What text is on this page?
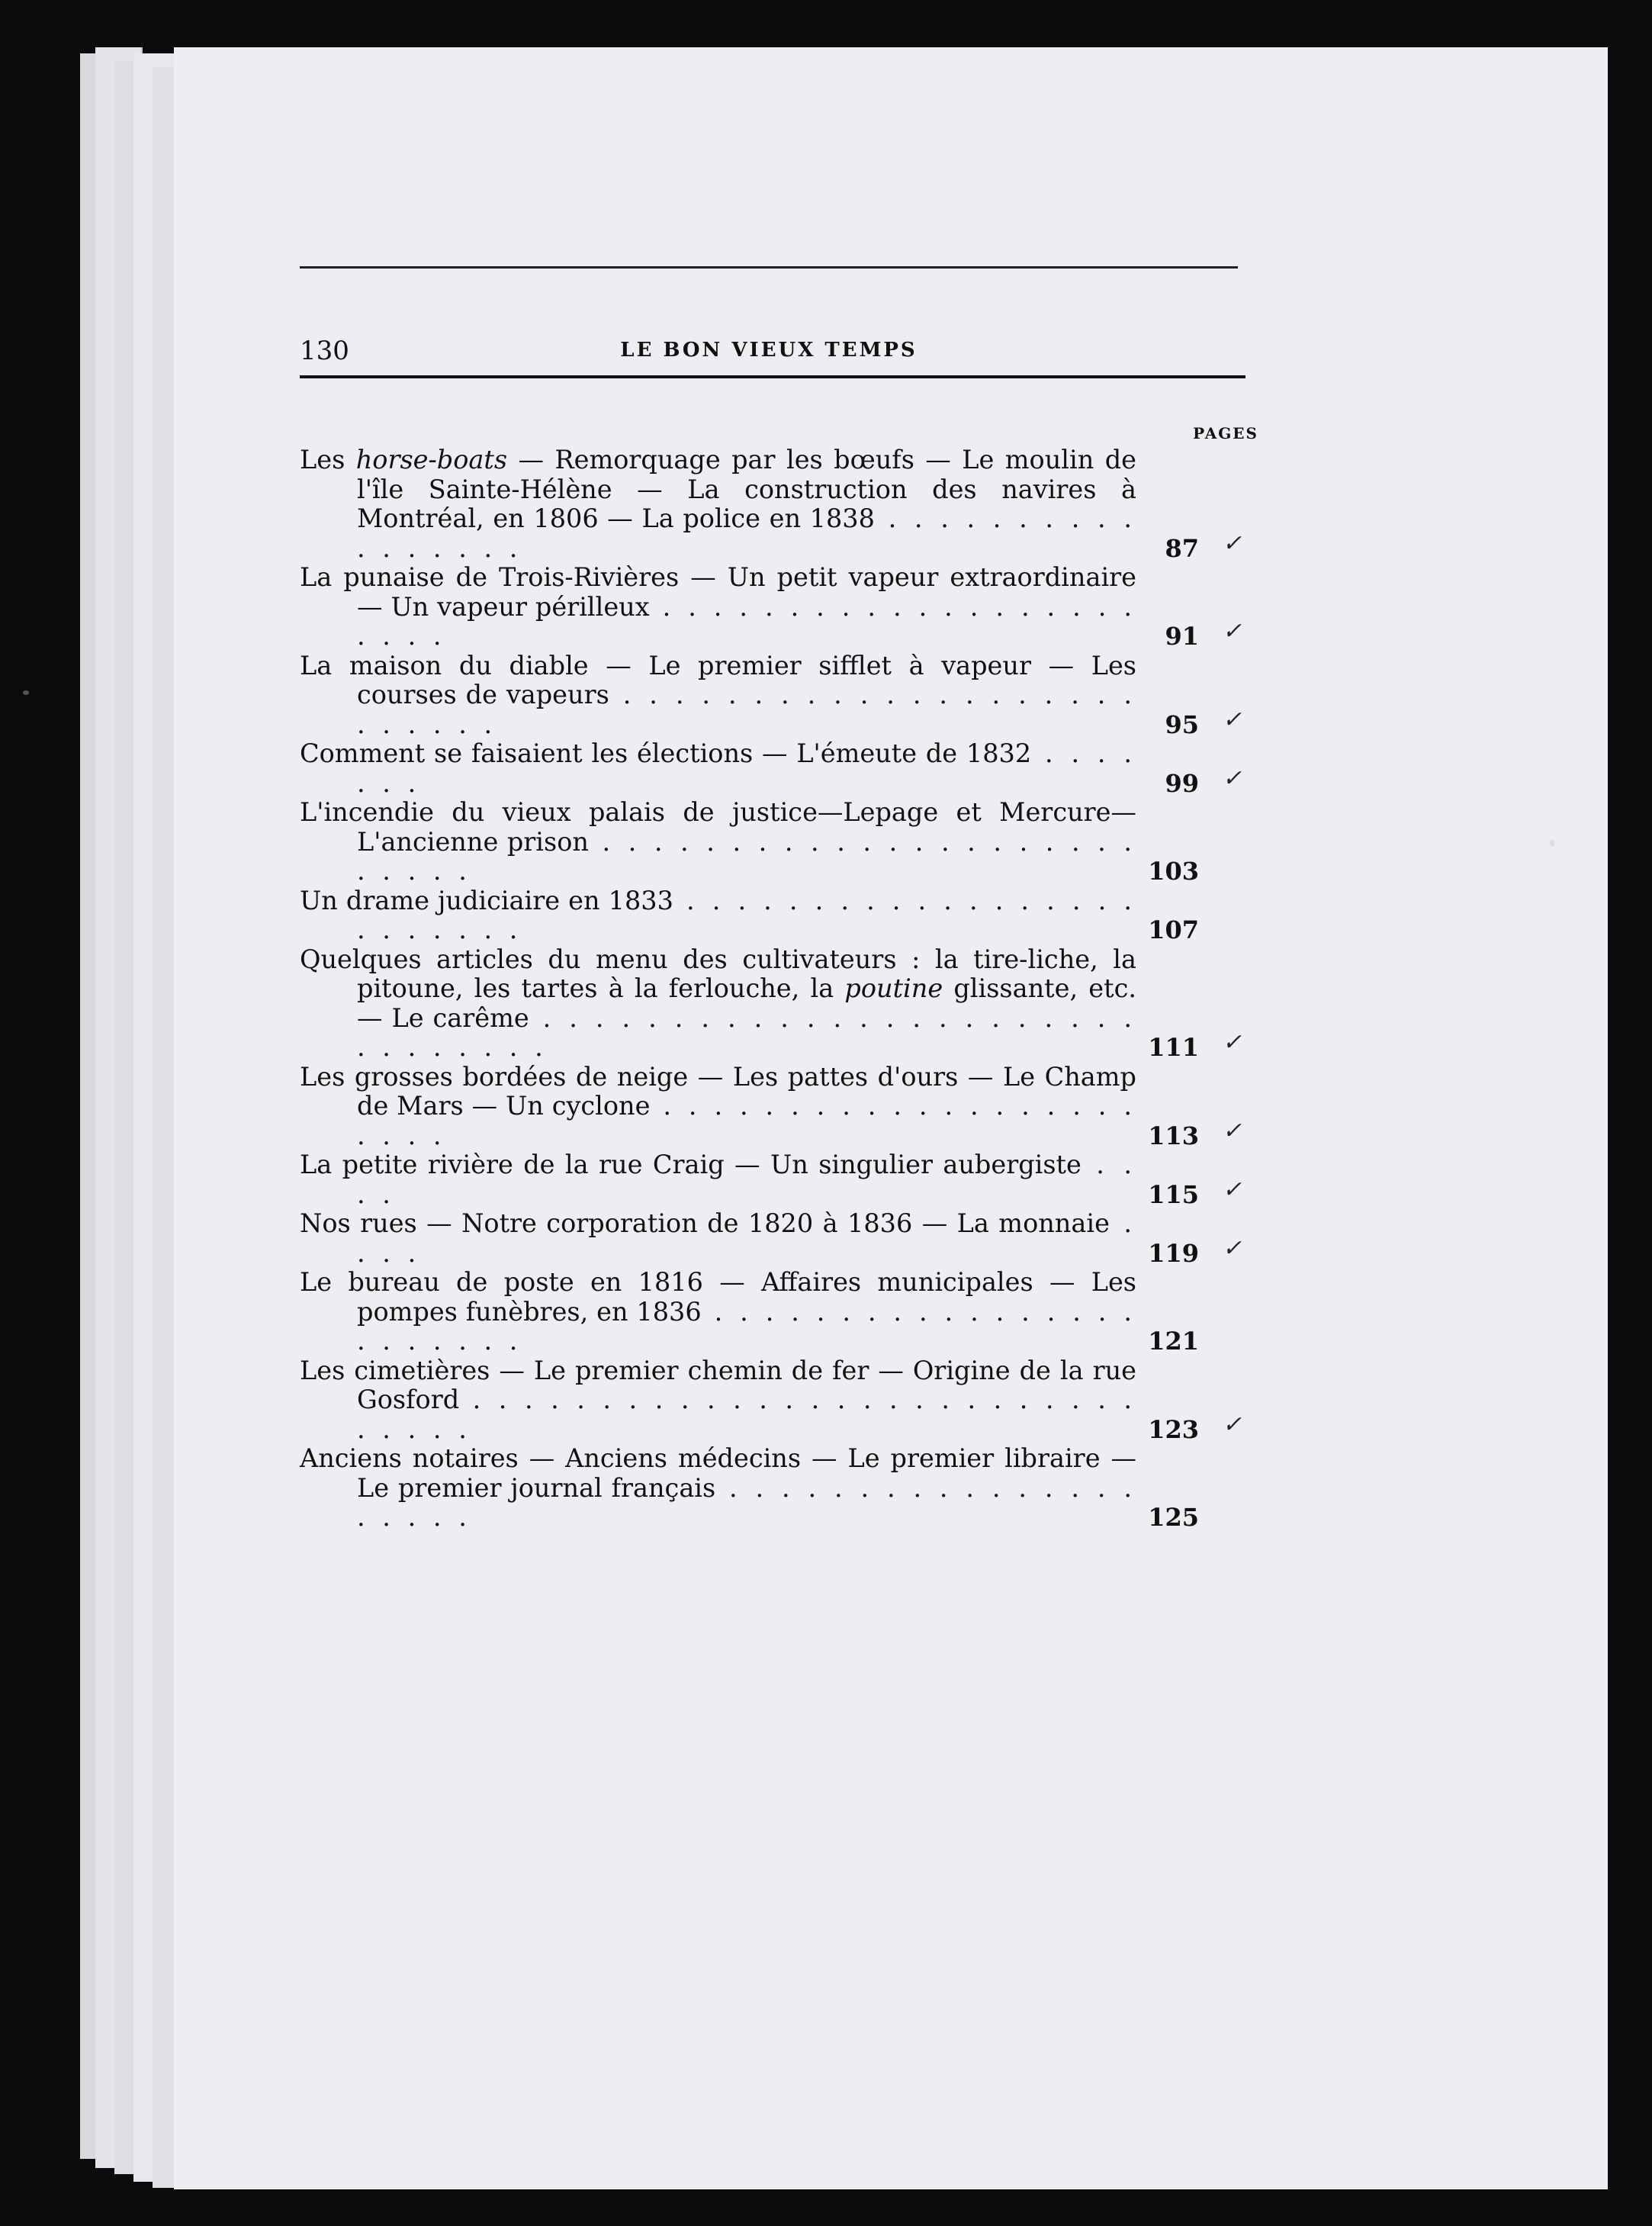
130	LE BON VIEUX TEMPS
PAGES
Les horse-boats — Remorquage par les bœufs — Le moulin de l'île Sainte-Hélène — La construction des navires à Montréal, en 1806 — La police en 1838 . . . . . . . . . . . . . . . . .	87 ✓
La punaise de Trois-Rivières — Un petit vapeur extraordinaire — Un vapeur périlleux . . . . . . . . . . . . . . . . . . . . . . .	91 ✓
La maison du diable — Le premier sifflet à vapeur — Les courses de vapeurs . . . . . . . . . . . . . . . . . . . . . . . . . .	95 ✓
Comment se faisaient les élections — L'émeute de 1832 . . . . . . .	99 ✓
L'incendie du vieux palais de justice—Lepage et Mercure—L'ancienne prison . . . . . . . . . . . . . . . . . . . . . . . . . .	103
Un drame judiciaire en 1833 . . . . . . . . . . . . . . . . . . . . . . . . .	107
Quelques articles du menu des cultivateurs : la tire-liche, la pitoune, les tartes à la ferlouche, la poutine glissante, etc. — Le carême . . . . . . . . . . . . . . . . . . . . . . . . . . . . . . .	111 ✓
Les grosses bordées de neige — Les pattes d'ours — Le Champ de Mars — Un cyclone . . . . . . . . . . . . . . . . . . . . . . .	113 ✓
La petite rivière de la rue Craig — Un singulier aubergiste . . . .	115 ✓
Nos rues — Notre corporation de 1820 à 1836 — La monnaie . . . .	119 ✓
Le bureau de poste en 1816 — Affaires municipales — Les pompes funèbres, en 1836 . . . . . . . . . . . . . . . . . . . . . . . .	121
Les cimetières — Le premier chemin de fer — Origine de la rue Gosford . . . . . . . . . . . . . . . . . . . . . . . . . . . . . . .	123 ✓
Anciens notaires — Anciens médecins — Le premier libraire — Le premier journal français . . . . . . . . . . . . . . . . . . . . .	125
